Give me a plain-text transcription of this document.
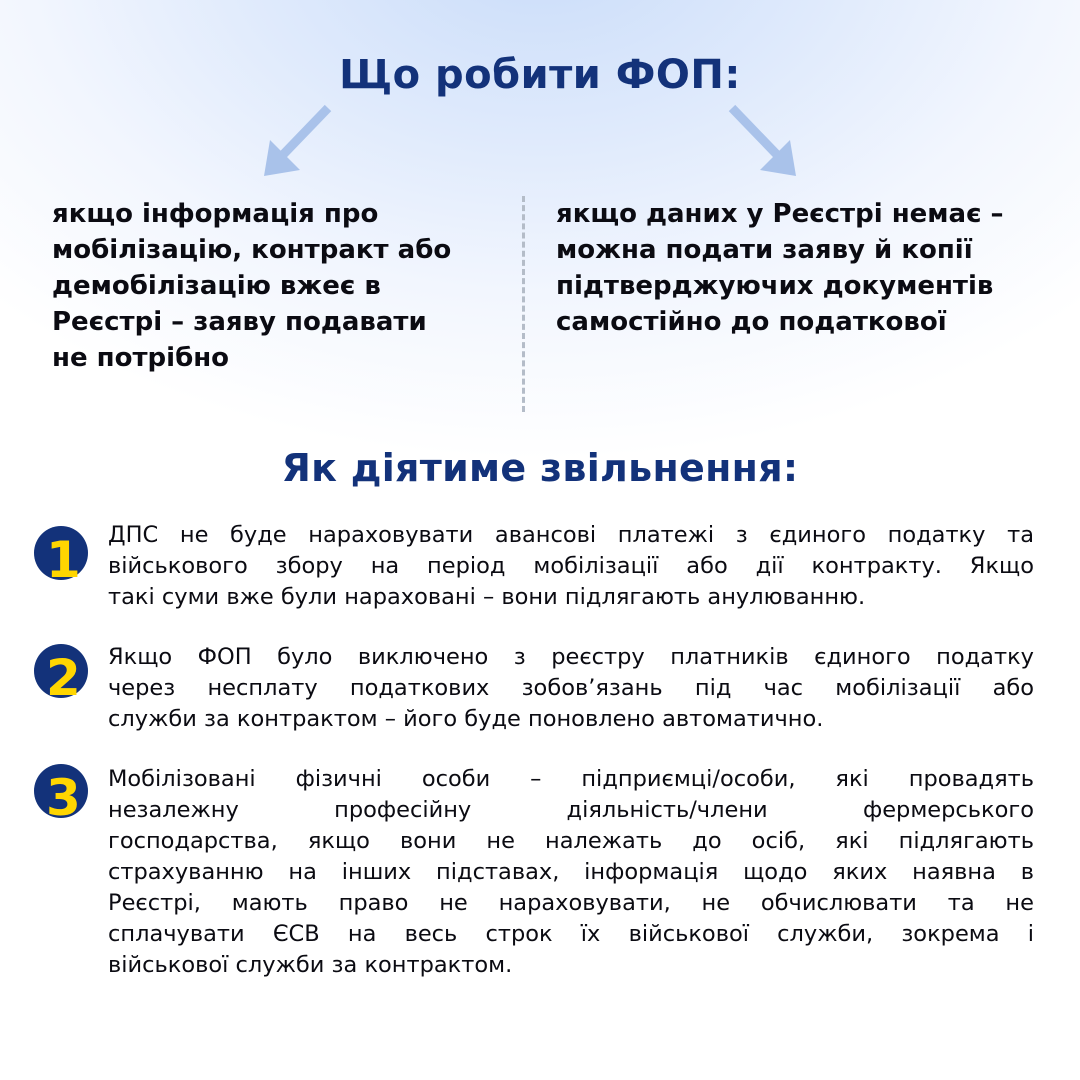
Що робити ФОП:
якщо інформація про
мобілізацію, контракт або
демобілізацію вжеє в
Реєстрі – заяву подавати
не потрібно
якщо даних у Реєстрі немає –
можна подати заяву й копії
підтверджуючих документів
самостійно до податкової
Як діятиме звільнення:
1 ДПС не буде нараховувати авансові платежі з єдиного податку та
військового збору на період мобілізації або дії контракту. Якщо
такі суми вже були нараховані – вони підлягають анулюванню.
2 Якщо ФОП було виключено з реєстру платників єдиного податку
через несплату податкових зобов’язань під час мобілізації або
служби за контрактом – його буде поновлено автоматично.
3 Мобілізовані фізичні особи – підприємці/особи, які провадять
незалежну професійну діяльність/члени фермерського
господарства, якщо вони не належать до осіб, які підлягають
страхуванню на інших підставах, інформація щодо яких наявна в
Реєстрі, мають право не нараховувати, не обчислювати та не
сплачувати ЄСВ на весь строк їх військової служби, зокрема і
військової служби за контрактом.
